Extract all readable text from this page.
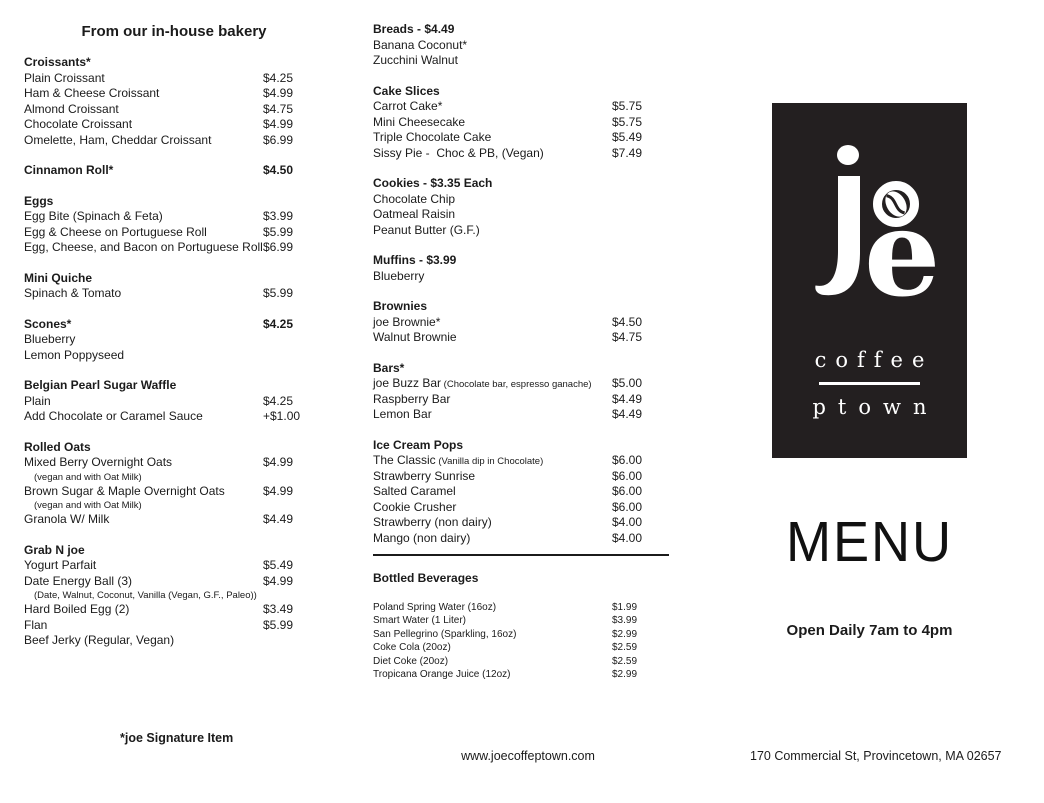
From our in-house bakery
Croissants*
Plain Croissant	$4.25
Ham & Cheese Croissant	$4.99
Almond Croissant	$4.75
Chocolate Croissant	$4.99
Omelette, Ham, Cheddar Croissant	$6.99
Cinnamon Roll*	$4.50
Eggs
Egg Bite (Spinach & Feta)	$3.99
Egg & Cheese on Portuguese Roll	$5.99
Egg, Cheese, and Bacon on Portuguese Roll $6.99
Mini Quiche
Spinach & Tomato	$5.99
Scones*	$4.25
Blueberry
Lemon Poppyseed
Belgian Pearl Sugar Waffle
Plain	$4.25
Add Chocolate or Caramel Sauce	+$1.00
Rolled Oats
Mixed Berry Overnight Oats	$4.99
(vegan and with Oat Milk)
Brown Sugar & Maple Overnight Oats	$4.99
(vegan and with Oat Milk)
Granola W/ Milk	$4.49
Grab N joe
Yogurt Parfait	$5.49
Date Energy Ball (3)	$4.99
(Date, Walnut, Coconut, Vanilla (Vegan, G.F., Paleo))
Hard Boiled Egg (2)	$3.49
Flan	$5.99
Beef Jerky (Regular, Vegan)
Breads - $4.49
Banana Coconut*
Zucchini Walnut
Cake Slices
Carrot Cake*	$5.75
Mini Cheesecake	$5.75
Triple Chocolate Cake	$5.49
Sissy Pie -  Choc & PB, (Vegan)	$7.49
Cookies - $3.35 Each
Chocolate Chip
Oatmeal Raisin
Peanut Butter (G.F.)
Muffins - $3.99
Blueberry
Brownies
joe Brownie*	$4.50
Walnut Brownie	$4.75
Bars*
joe Buzz Bar (Chocolate bar, espresso ganache) $5.00
Raspberry Bar	$4.49
Lemon Bar	$4.49
Ice Cream Pops
The Classic (Vanilla dip in Chocolate)	$6.00
Strawberry Sunrise	$6.00
Salted Caramel	$6.00
Cookie Crusher	$6.00
Strawberry (non dairy)	$4.00
Mango (non dairy)	$4.00
Bottled Beverages
Poland Spring Water (16oz)	$1.99
Smart Water (1 Liter)	$3.99
San Pellegrino (Sparkling, 16oz)	$2.99
Coke Cola (20oz)	$2.59
Diet Coke (20oz)	$2.59
Tropicana Orange Juice (12oz)	$2.99
e
coffee
ptown
MENU
Open Daily 7am to 4pm
*joe Signature Item
www.joecoffeptown.com	170 Commercial St, Provincetown, MA 02657
